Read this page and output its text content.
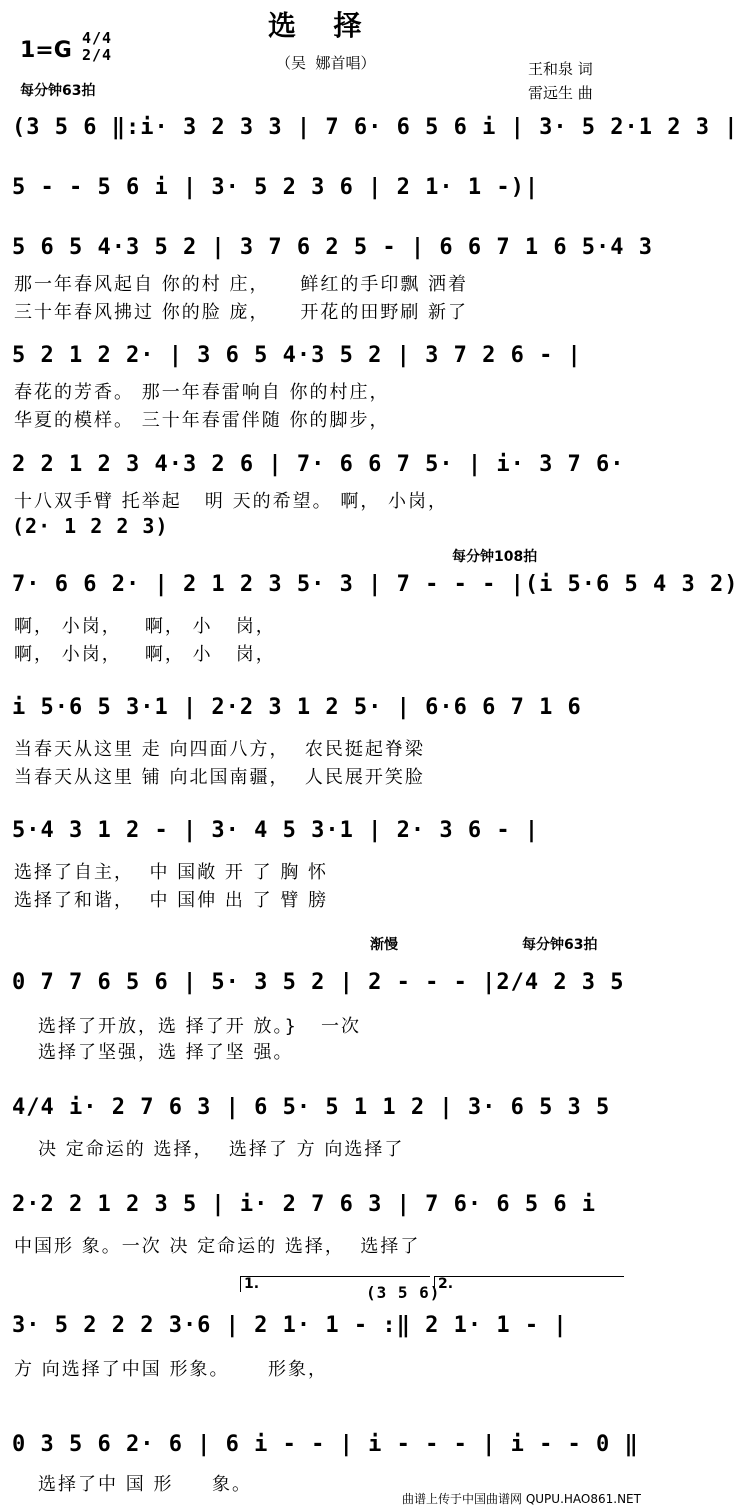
选  择
（吴  娜首唱）
1=G 4/4 2/4
每分钟63拍
王和泉 词
雷远生 曲
(3 5 6 ‖:i· 3 2 3 3 | 7 6· 6 5 6 i | 3· 5 2·1 2 3 |
5 - - 5 6 i | 3· 5 2 3 6 | 2 1· 1 -)|
5 6 5 4·3 5 2 | 3 7 6 2 5 - | 6 6 7 1 6 5·4 3
那一年春风起自 你的村 庄，    鲜红的手印飘 洒着
三十年春风拂过 你的脸 庞，    开花的田野刷 新了
5 2 1 2 2· | 3 6 5 4·3 5 2 | 3 7 2 6 - |
春花的芳香。 那一年春雷响自 你的村庄，
华夏的模样。 三十年春雷伴随 你的脚步，
2 2 1 2 3 4·3 2 6 | 7· 6 6 7 5· | i· 3 7 6·
十八双手臂 托举起   明 天的希望。 啊， 小岗，
(2· 1 2 2 3)
每分钟108拍
7· 6 6 2· | 2 1 2 3 5· 3 | 7 - - - |(i 5·6 5 4 3 2)
啊， 小岗，   啊， 小   岗，
啊， 小岗，   啊， 小   岗，
i 5·6 5 3·1 | 2·2 3 1 2 5· | 6·6 6 7 1 6
当春天从这里 走 向四面八方，  农民挺起脊梁
当春天从这里 铺 向北国南疆，  人民展开笑脸
5·4 3 1 2 - | 3· 4 5 3·1 | 2· 3 6 - |
选择了自主，  中 国敞 开 了 胸 怀
选择了和谐，  中 国伸 出 了 臂 膀
渐慢	每分钟63拍
0 7 7 6 5 6 | 5· 3 5 2 | 2 - - - |2/4 2 3 5
选择了开放，选 择了开 放。}   一次
选择了坚强，选 择了坚 强。
4/4 i· 2 7 6 3 | 6 5· 5 1 1 2 | 3· 6 5 3 5
决 定命运的 选择，  选择了 方 向选择了
2·2 2 1 2 3 5 | i· 2 7 6 3 | 7 6· 6 5 6 i
中国形 象。一次 决 定命运的 选择，  选择了
1.	(3 5 6)
2.
3· 5 2 2 2 3·6 | 2 1· 1 - :‖ 2 1· 1 - |
方 向选择了中国 形象。     形象，
0 3 5 6 2· 6 | 6 i - - | i - - - | i - - 0 ‖
选择了中 国 形     象。
曲谱上传于中国曲谱网 QUPU.HAO861.NET
